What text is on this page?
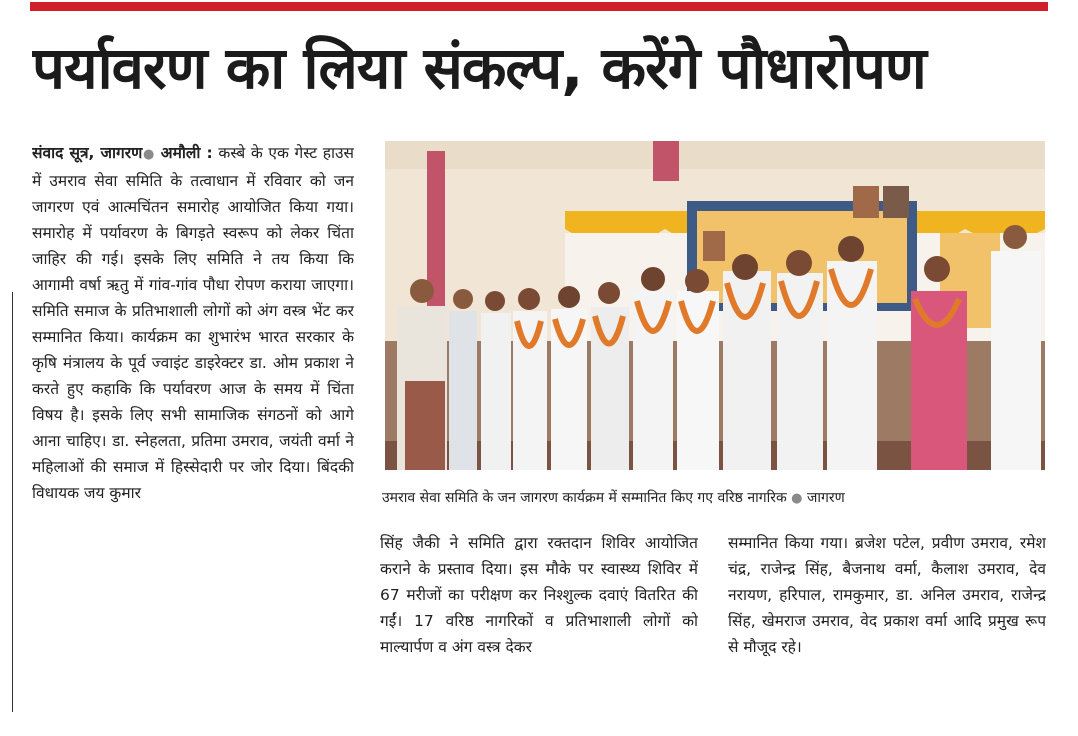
पर्यावरण का लिया संकल्प, करेंगे पौधारोपण

संवाद सूत्र, जागरण● अमौली : कस्बे के एक गेस्ट हाउस में उमराव सेवा समिति के तत्वाधान में रविवार को जन जागरण एवं आत्मचिंतन समारोह आयोजित किया गया। समारोह में पर्यावरण के बिगड़ते स्वरूप को लेकर चिंता जाहिर की गई। इसके लिए समिति ने तय किया कि आगामी वर्षा ऋतु में गांव-गांव पौधा रोपण कराया जाएगा। समिति समाज के प्रतिभाशाली लोगों को अंग वस्त्र भेंट कर सम्मानित किया। कार्यक्रम का शुभारंभ भारत सरकार के कृषि मंत्रालय के पूर्व ज्वाइंट डाइरेक्टर डा. ओम प्रकाश ने करते हुए कहाकि कि पर्यावरण आज के समय में चिंता विषय है। इसके लिए सभी सामाजिक संगठनों को आगे आना चाहिए। डा. स्नेहलता, प्रतिमा उमराव, जयंती वर्मा ने महिलाओं की समाज में हिस्सेदारी पर जोर दिया। बिंदकी विधायक जय कुमार	उमराव सेवा समिति के जन जागरण कार्यक्रम में सम्मानित किए गए वरिष्ठ नागरिक ● जागरण

सिंह जैकी ने समिति द्वारा रक्तदान शिविर आयोजित कराने के प्रस्ताव दिया। इस मौके पर स्वास्थ्य शिविर में 67 मरीजों का परीक्षण कर निश्शुल्क दवाएं वितरित की गईं। 17 वरिष्ठ नागरिकों व प्रतिभाशाली लोगों को माल्यार्पण व अंग वस्त्र देकर

सम्मानित किया गया। ब्रजेश पटेल, प्रवीण उमराव, रमेश चंद्र, राजेन्द्र सिंह, बैजनाथ वर्मा, कैलाश उमराव, देव नरायण, हरिपाल, रामकुमार, डा. अनिल उमराव, राजेन्द्र सिंह, खेमराज उमराव, वेद प्रकाश वर्मा आदि प्रमुख रूप से मौजूद रहे।
